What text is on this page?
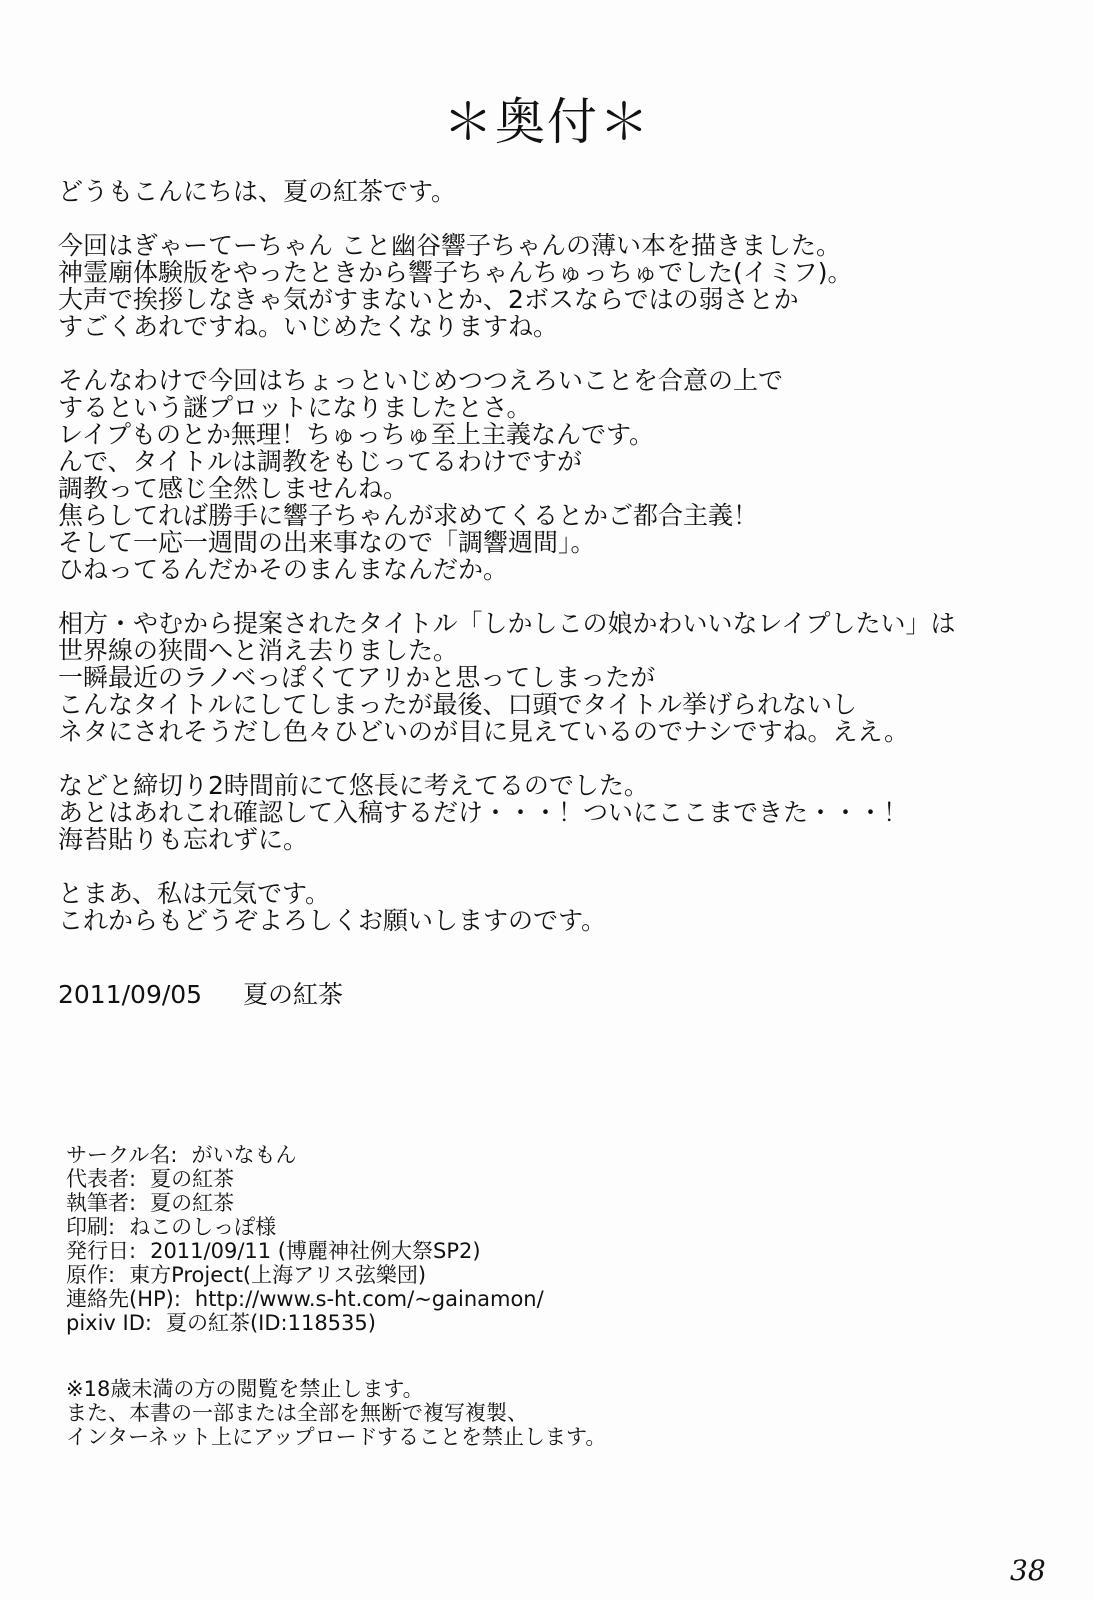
＊奥付＊
どうもこんにちは、夏の紅茶です。
今回はぎゃーてーちゃん こと幽谷響子ちゃんの薄い本を描きました。
神霊廟体験版をやったときから響子ちゃんちゅっちゅでした(イミフ)。
大声で挨拶しなきゃ気がすまないとか、2ボスならではの弱さとか
すごくあれですね。いじめたくなりますね。
そんなわけで今回はちょっといじめつつえろいことを合意の上で
するという謎プロットになりましたとさ。
レイプものとか無理！ちゅっちゅ至上主義なんです。
んで、タイトルは調教をもじってるわけですが
調教って感じ全然しませんね。
焦らしてれば勝手に響子ちゃんが求めてくるとかご都合主義！
そして一応一週間の出来事なので「調響週間」。
ひねってるんだかそのまんまなんだか。
相方・やむから提案されたタイトル「しかしこの娘かわいいなレイプしたい」は
世界線の狭間へと消え去りました。
一瞬最近のラノベっぽくてアリかと思ってしまったが
こんなタイトルにしてしまったが最後、口頭でタイトル挙げられないし
ネタにされそうだし色々ひどいのが目に見えているのでナシですね。ええ。
などと締切り2時間前にて悠長に考えてるのでした。
あとはあれこれ確認して入稿するだけ・・・！ついにここまできた・・・！
海苔貼りも忘れずに。
とまあ、私は元気です。
これからもどうぞよろしくお願いしますのです。
2011/09/05   夏の紅茶
サークル名: がいなもん
代表者: 夏の紅茶
執筆者: 夏の紅茶
印刷: ねこのしっぽ様
発行日: 2011/09/11 (博麗神社例大祭SP2)
原作: 東方Project(上海アリス弦樂団)
連絡先(HP): http://www.s-ht.com/~gainamon/
pixiv ID: 夏の紅茶(ID:118535)
※18歳未満の方の閲覧を禁止します。
また、本書の一部または全部を無断で複写複製、
インターネット上にアップロードすることを禁止します。
38
